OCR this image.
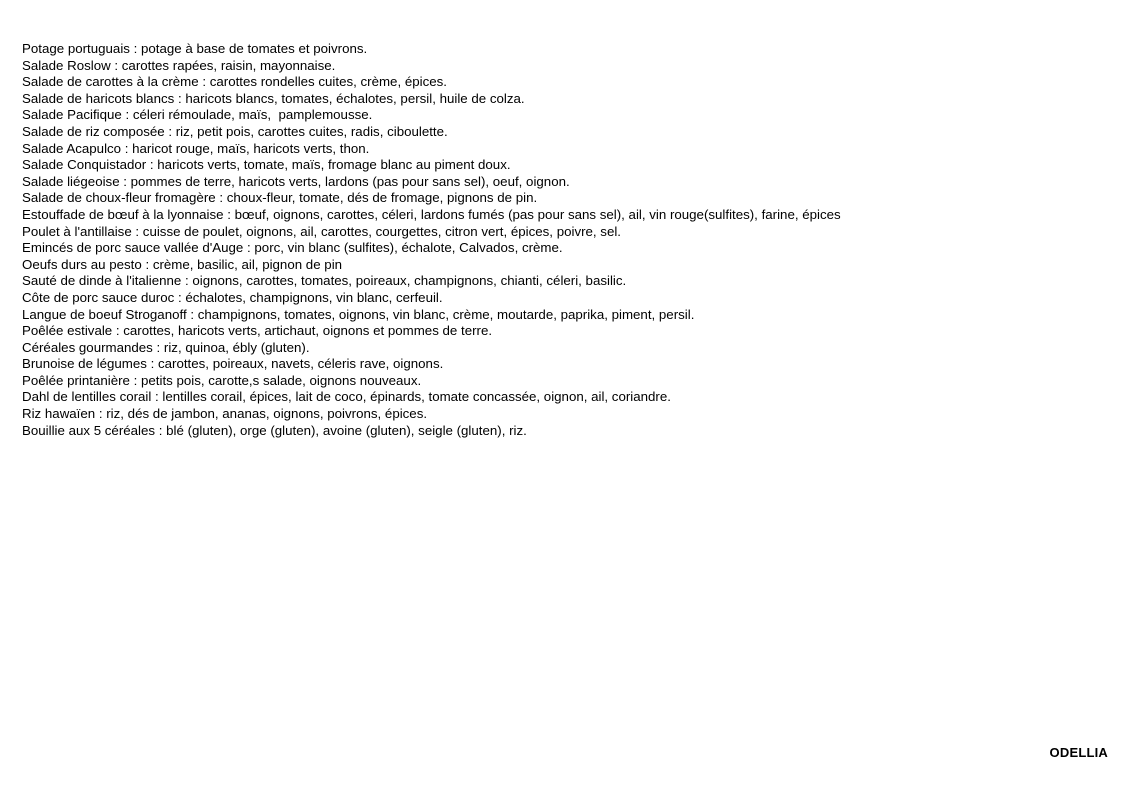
Potage portuguais : potage à base de tomates et poivrons.
Salade Roslow : carottes rapées, raisin, mayonnaise.
Salade de carottes à la crème : carottes rondelles cuites, crème, épices.
Salade de haricots blancs : haricots blancs, tomates, échalotes, persil, huile de colza.
Salade Pacifique : céleri rémoulade, maïs,  pamplemousse.
Salade de riz composée : riz, petit pois, carottes cuites, radis, ciboulette.
Salade Acapulco : haricot rouge, maïs, haricots verts, thon.
Salade Conquistador : haricots verts, tomate, maïs, fromage blanc au piment doux.
Salade liégeoise : pommes de terre, haricots verts, lardons (pas pour sans sel), oeuf, oignon.
Salade de choux-fleur fromagère : choux-fleur, tomate, dés de fromage, pignons de pin.
Estouffade de bœuf à la lyonnaise : bœuf, oignons, carottes, céleri, lardons fumés (pas pour sans sel), ail, vin rouge(sulfites), farine, épices
Poulet à l'antillaise : cuisse de poulet, oignons, ail, carottes, courgettes, citron vert, épices, poivre, sel.
Emincés de porc sauce vallée d'Auge : porc, vin blanc (sulfites), échalote, Calvados, crème.
Oeufs durs au pesto : crème, basilic, ail, pignon de pin
Sauté de dinde à l'italienne : oignons, carottes, tomates, poireaux, champignons, chianti, céleri, basilic.
Côte de porc sauce duroc : échalotes, champignons, vin blanc, cerfeuil.
Langue de boeuf Stroganoff : champignons, tomates, oignons, vin blanc, crème, moutarde, paprika, piment, persil.
Poêlée estivale : carottes, haricots verts, artichaut, oignons et pommes de terre.
Céréales gourmandes : riz, quinoa, ébly (gluten).
Brunoise de légumes : carottes, poireaux, navets, céleris rave, oignons.
Poêlée printanière : petits pois, carotte,s salade, oignons nouveaux.
Dahl de lentilles corail : lentilles corail, épices, lait de coco, épinards, tomate concassée, oignon, ail, coriandre.
Riz hawaïen : riz, dés de jambon, ananas, oignons, poivrons, épices.
Bouillie aux 5 céréales : blé (gluten), orge (gluten), avoine (gluten), seigle (gluten), riz.
ODELLIA
